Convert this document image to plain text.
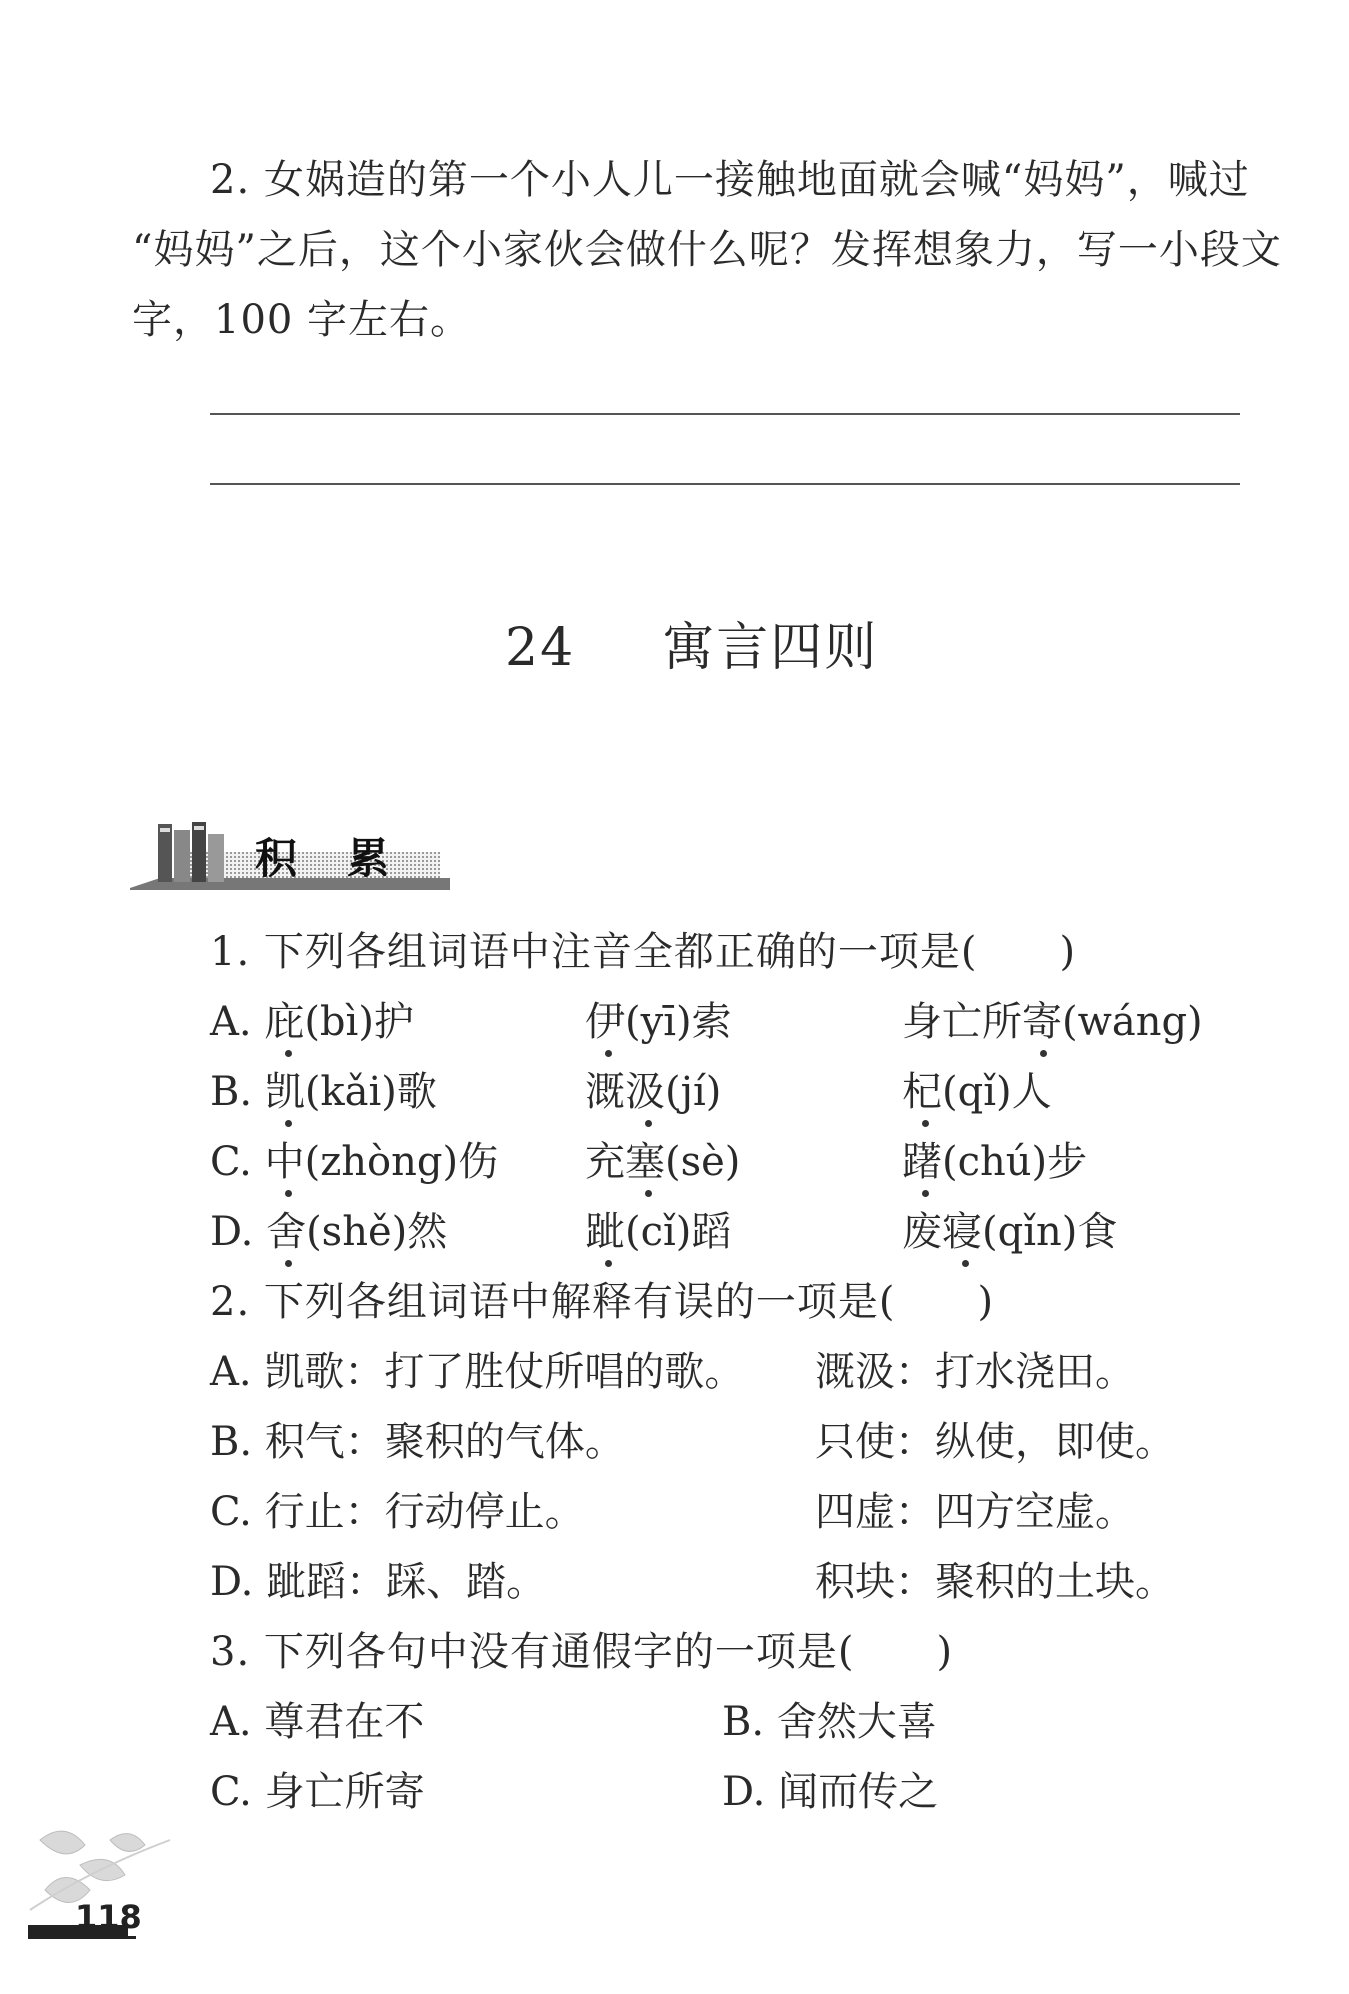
2. 女娲造的第一个小人儿一接触地面就会喊“妈妈”，喊过
“妈妈”之后，这个小家伙会做什么呢？发挥想象力，写一小段文
字，100 字左右。
24 寓言四则
积　累
1. 下列各组词语中注音全都正确的一项是(　　)
A. 庇(bì)护	伊(yī)索	身亡所寄(wáng)
B. 凯(kǎi)歌	溉汲(jí)	杞(qǐ)人
C. 中(zhòng)伤 充塞(sè)	躇(chú)步
D. 舍(shě)然	跐(cǐ)蹈	废寝(qǐn)食
2. 下列各组词语中解释有误的一项是(　　)
A. 凯歌：打了胜仗所唱的歌。 溉汲：打水浇田。
B. 积气：聚积的气体。	只使：纵使，即使。
C. 行止：行动停止。	四虚：四方空虚。
D. 跐蹈：踩、踏。	积块：聚积的土块。
3. 下列各句中没有通假字的一项是(　　)
A. 尊君在不	B. 舍然大喜
C. 身亡所寄	D. 闻而传之
118
